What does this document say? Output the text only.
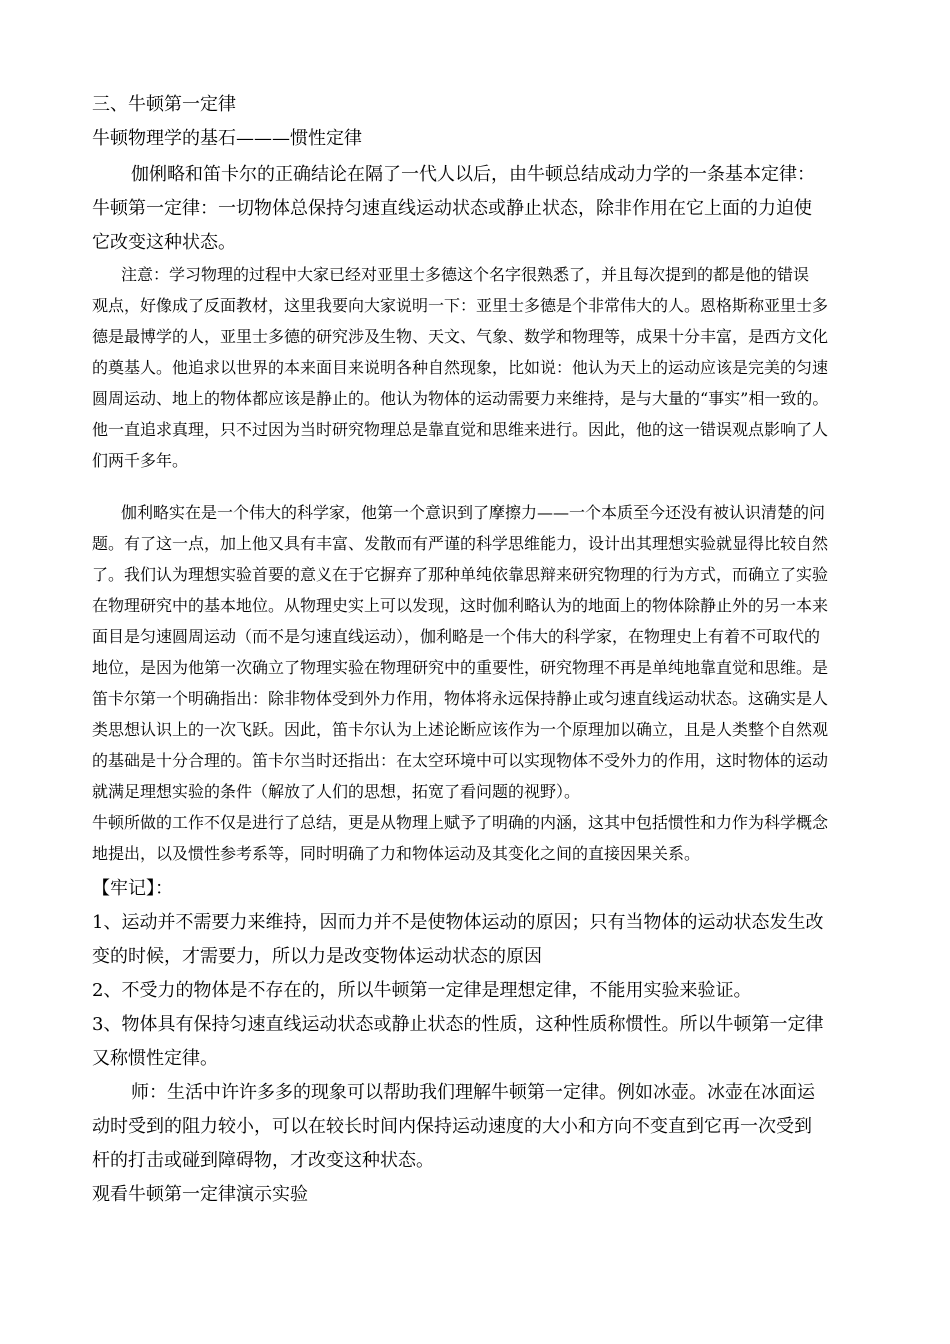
三、牛顿第一定律

牛顿物理学的基石———惯性定律

伽俐略和笛卡尔的正确结论在隔了一代人以后，由牛顿总结成动力学的一条基本定律：

牛顿第一定律：一切物体总保持匀速直线运动状态或静止状态，除非作用在它上面的力迫使

它改变这种状态。

注意：学习物理的过程中大家已经对亚里士多德这个名字很熟悉了，并且每次提到的都是他的错误

观点，好像成了反面教材，这里我要向大家说明一下：亚里士多德是个非常伟大的人。恩格斯称亚里士多

德是最博学的人，亚里士多德的研究涉及生物、天文、气象、数学和物理等，成果十分丰富，是西方文化

的奠基人。他追求以世界的本来面目来说明各种自然现象，比如说：他认为天上的运动应该是完美的匀速

圆周运动、地上的物体都应该是静止的。他认为物体的运动需要力来维持，是与大量的“事实”相一致的。

他一直追求真理，只不过因为当时研究物理总是靠直觉和思维来进行。因此，他的这一错误观点影响了人

们两千多年。

伽利略实在是一个伟大的科学家，他第一个意识到了摩擦力——一个本质至今还没有被认识清楚的问

题。有了这一点，加上他又具有丰富、发散而有严谨的科学思维能力，设计出其理想实验就显得比较自然

了。我们认为理想实验首要的意义在于它摒弃了那种单纯依靠思辩来研究物理的行为方式，而确立了实验

在物理研究中的基本地位。从物理史实上可以发现，这时伽利略认为的地面上的物体除静止外的另一本来

面目是匀速圆周运动（而不是匀速直线运动），伽利略是一个伟大的科学家，在物理史上有着不可取代的

地位，是因为他第一次确立了物理实验在物理研究中的重要性，研究物理不再是单纯地靠直觉和思维。是

笛卡尔第一个明确指出：除非物体受到外力作用，物体将永远保持静止或匀速直线运动状态。这确实是人

类思想认识上的一次飞跃。因此，笛卡尔认为上述论断应该作为一个原理加以确立，且是人类整个自然观

的基础是十分合理的。笛卡尔当时还指出：在太空环境中可以实现物体不受外力的作用，这时物体的运动

就满足理想实验的条件（解放了人们的思想，拓宽了看问题的视野）。

牛顿所做的工作不仅是进行了总结，更是从物理上赋予了明确的内涵，这其中包括惯性和力作为科学概念

地提出，以及惯性参考系等，同时明确了力和物体运动及其变化之间的直接因果关系。

【牢记】：

1、运动并不需要力来维持，因而力并不是使物体运动的原因；只有当物体的运动状态发生改

变的时候，才需要力，所以力是改变物体运动状态的原因

2、不受力的物体是不存在的，所以牛顿第一定律是理想定律，不能用实验来验证。

3、物体具有保持匀速直线运动状态或静止状态的性质，这种性质称惯性。所以牛顿第一定律

又称惯性定律。

师：生活中许许多多的现象可以帮助我们理解牛顿第一定律。例如冰壶。冰壶在冰面运

动时受到的阻力较小，可以在较长时间内保持运动速度的大小和方向不变直到它再一次受到

杆的打击或碰到障碍物，才改变这种状态。

观看牛顿第一定律演示实验
